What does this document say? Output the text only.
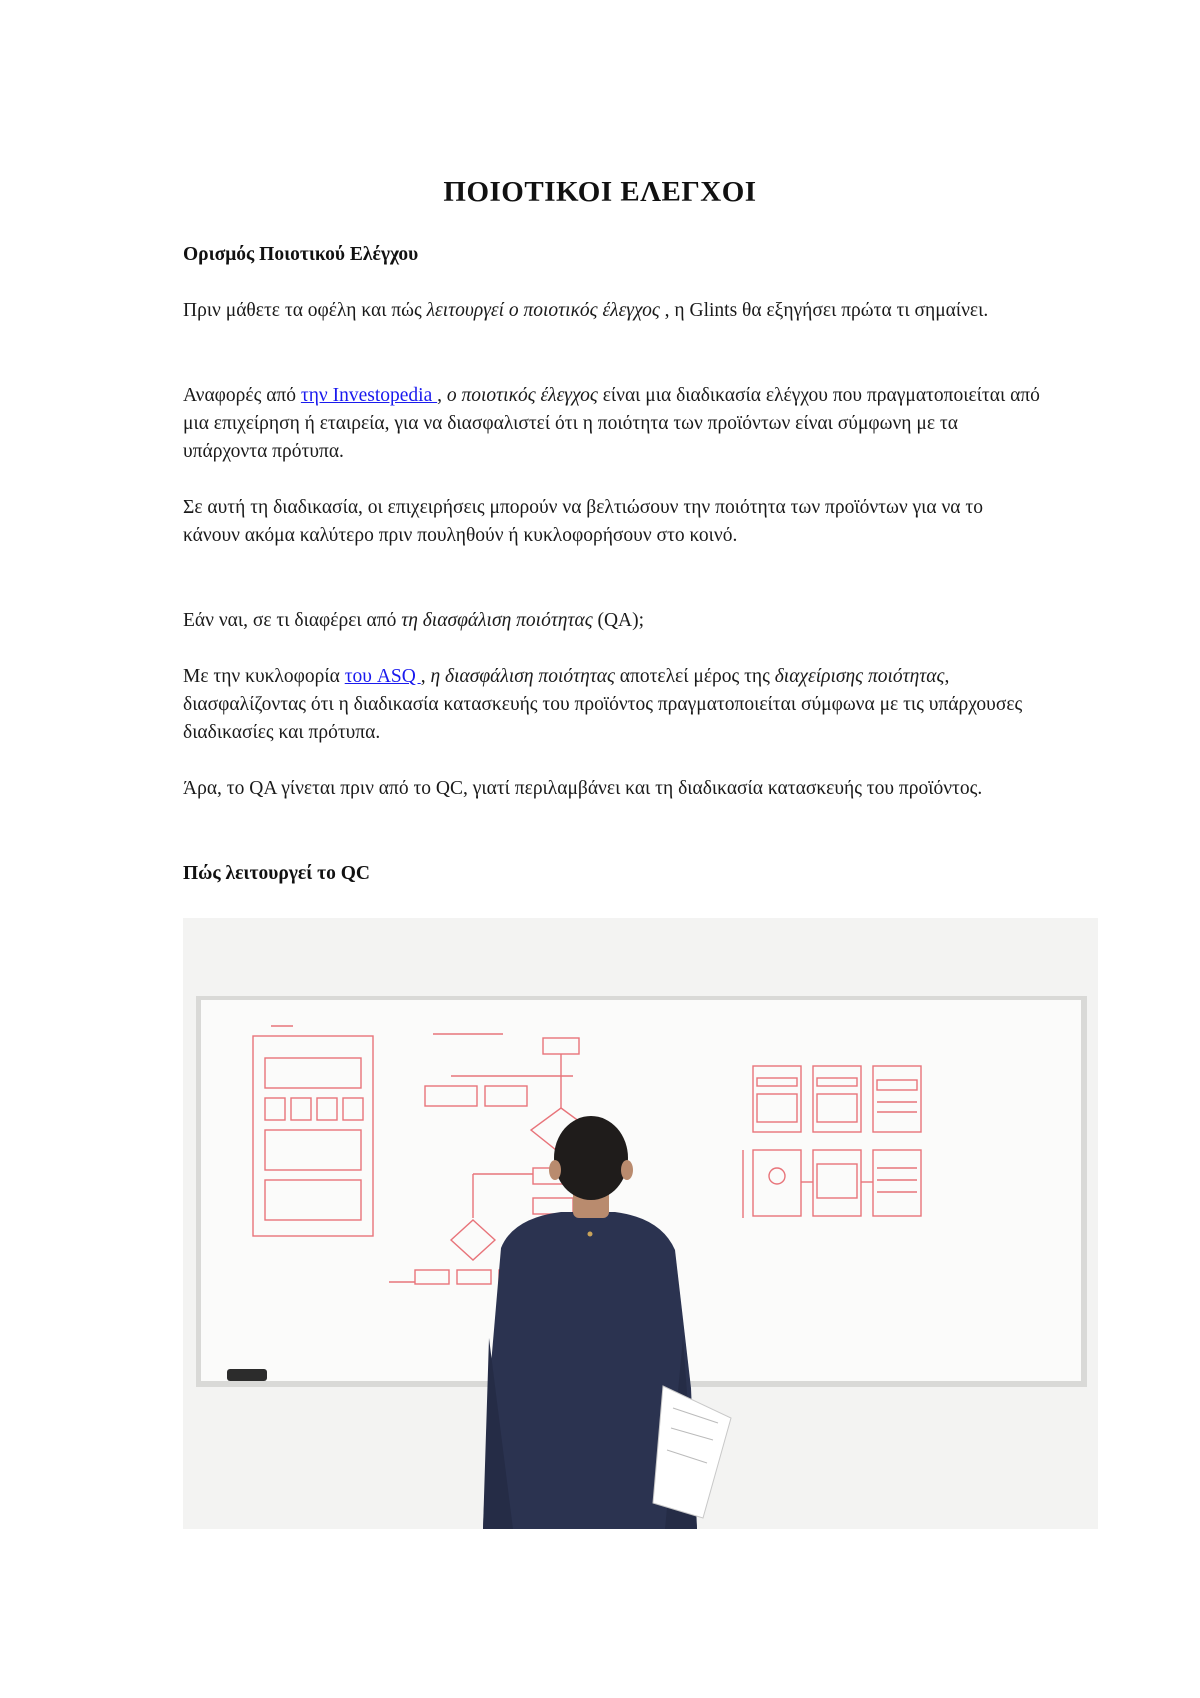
ΠΟΙΟΤΙΚΟΙ ΕΛΕΓΧΟΙ
Ορισμός Ποιοτικού Ελέγχου

Πριν μάθετε τα οφέλη και πώς λειτουργεί ο ποιοτικός έλεγχος , η Glints θα εξηγήσει πρώτα τι σημαίνει.

Αναφορές από την Investopedia , ο ποιοτικός έλεγχος είναι μια διαδικασία ελέγχου που πραγματοποιείται από μια επιχείρηση ή εταιρεία, για να διασφαλιστεί ότι η ποιότητα των προϊόντων είναι σύμφωνη με τα υπάρχοντα πρότυπα.

Σε αυτή τη διαδικασία, οι επιχειρήσεις μπορούν να βελτιώσουν την ποιότητα των προϊόντων για να το κάνουν ακόμα καλύτερο πριν πουληθούν ή κυκλοφορήσουν στο κοινό.

Εάν ναι, σε τι διαφέρει από τη διασφάλιση ποιότητας (QA);

Με την κυκλοφορία του ASQ , η διασφάλιση ποιότητας αποτελεί μέρος της διαχείρισης ποιότητας, διασφαλίζοντας ότι η διαδικασία κατασκευής του προϊόντος πραγματοποιείται σύμφωνα με τις υπάρχουσες διαδικασίες και πρότυπα.

Άρα, το QA γίνεται πριν από το QC, γιατί περιλαμβάνει και τη διαδικασία κατασκευής του προϊόντος.

Πώς λειτουργεί το QC
